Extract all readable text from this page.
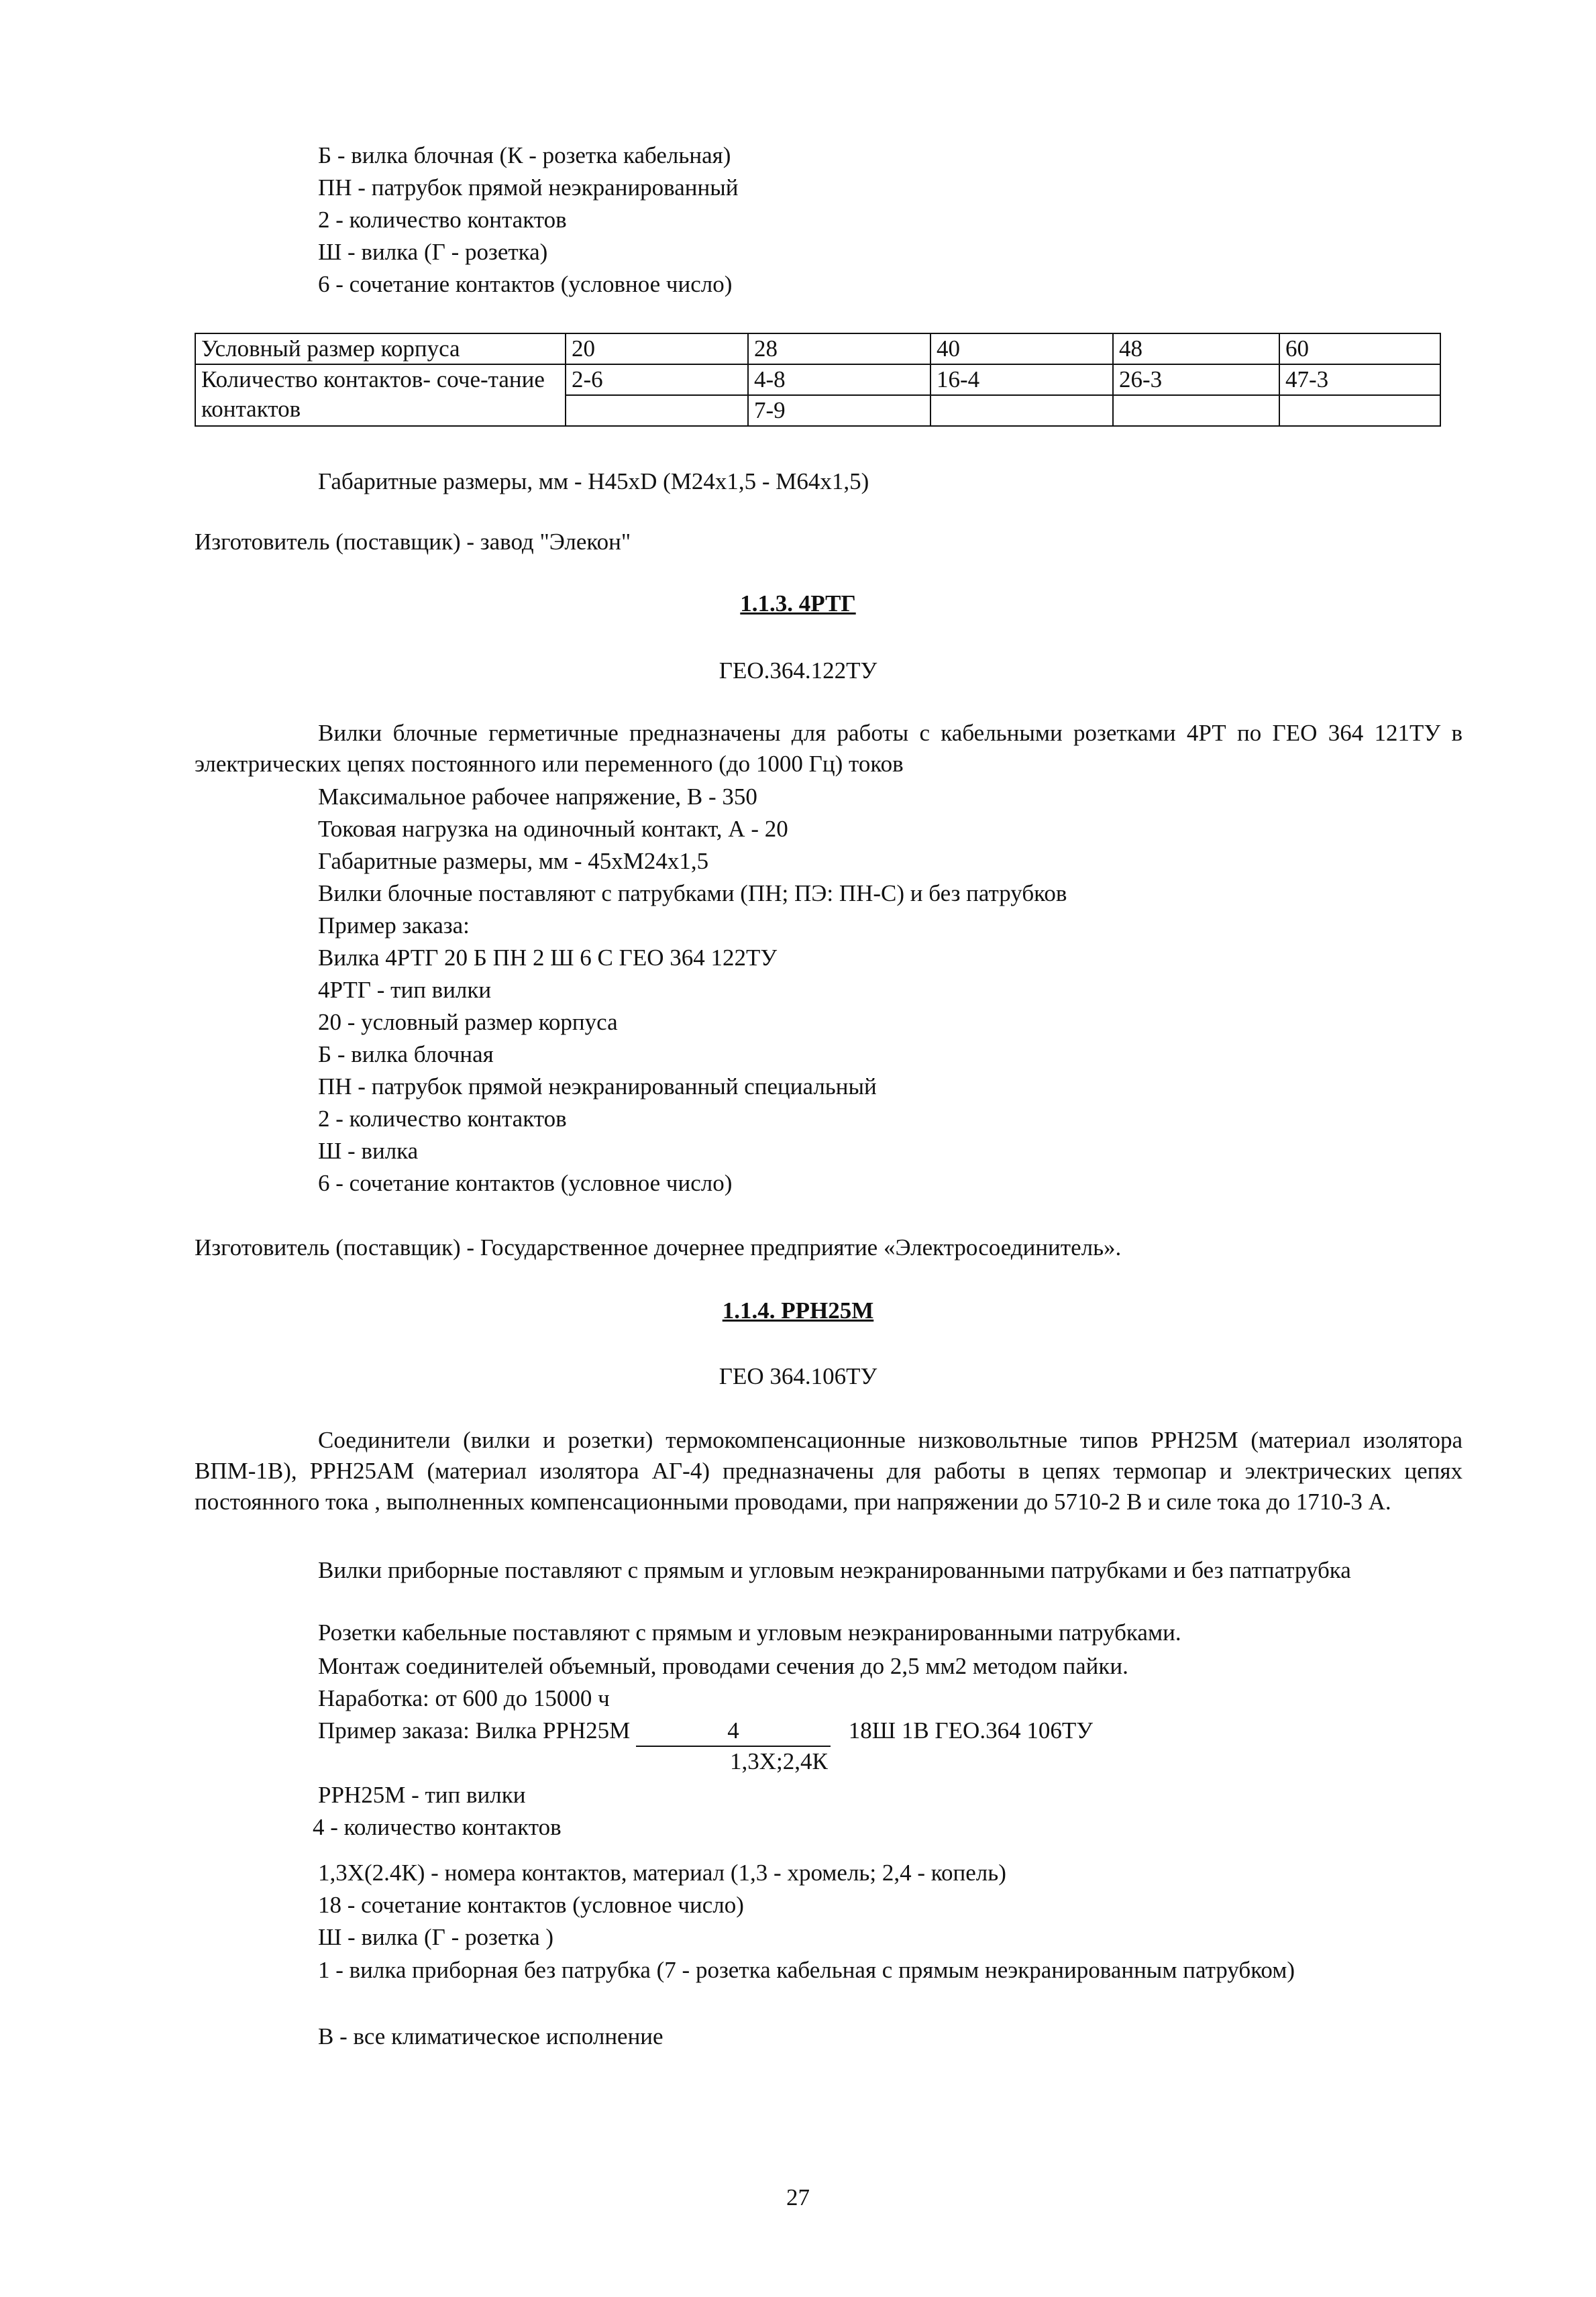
Б - вилка блочная (К - розетка кабельная)
ПН - патрубок прямой неэкранированный
2 - количество контактов
Ш - вилка (Г - розетка)
6 - сочетание контактов (условное число)
Условный размер корпуса	20	28	40	48	60
Количество контактов- соче-тание контактов	2-6	4-8	16-4	26-3	47-3
		7-9			
Габаритные размеры, мм - Н45хD (М24х1,5 - М64х1,5)
Изготовитель (поставщик) - завод "Элекон"
1.1.3. 4РТГ
ГЕО.364.122ТУ
Вилки блочные герметичные предназначены для работы с кабельными розетками 4РТ по ГЕО 364 121ТУ в электрических цепях постоянного или переменного (до 1000 Гц) токов
Максимальное рабочее напряжение, В - 350
Токовая нагрузка на одиночный контакт, А - 20
Габаритные размеры, мм - 45хМ24х1,5
Вилки блочные поставляют с патрубками (ПН; ПЭ: ПН-С) и без патрубков
Пример заказа:
Вилка 4РТГ 20 Б ПН 2 Ш 6 С ГЕО 364 122ТУ
4РТГ - тип вилки
20 - условный размер корпуса
Б - вилка блочная
ПН - патрубок прямой неэкранированный специальный
2 - количество контактов
Ш - вилка
6 - сочетание контактов (условное число)
Изготовитель (поставщик) - Государственное дочернее предприятие «Электросоединитель».
1.1.4. РРН25М
ГЕО 364.106ТУ
Соединители (вилки и розетки) термокомпенсационные низковольтные типов РРН25М (материал изолятора ВПМ-1В), РРН25АМ (материал изолятора АГ-4) предназначены для работы в цепях термопар и электрических цепях постоянного тока , выполненных компенсационными проводами, при напряжении до 5710-2 В и силе тока до 1710-3 А.
Вилки приборные поставляют с прямым и угловым неэкранированными патрубками и без патпатрубка
Розетки кабельные поставляют с прямым и угловым неэкранированными патрубками.
Монтаж соединителей объемный, проводами сечения до 2,5 мм2 методом пайки.
Наработка: от 600 до 15000 ч
Пример заказа: Вилка РРН25М	4	18Ш 1В ГЕО.364 106ТУ
1,3Х;2,4К
РРН25М - тип вилки
4 - количество контактов
1,3Х(2.4К) - номера контактов, материал (1,3 - хромель; 2,4 - копель)
18 - сочетание контактов (условное число)
Ш - вилка (Г - розетка )
1 - вилка приборная без патрубка (7 - розетка кабельная с прямым неэкранированным патрубком)
В - все климатическое исполнение
27
